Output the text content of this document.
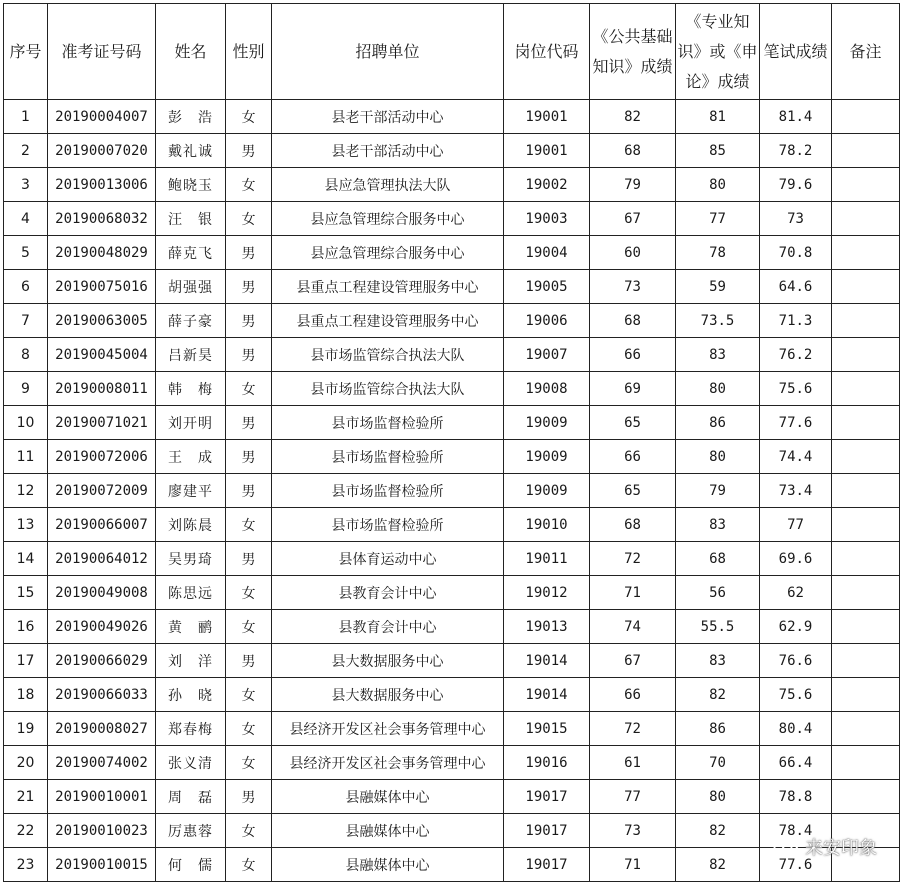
序号	准考证号码	姓名	性别	招聘单位	岗位代码	《公共基础知识》成绩	《专业知识》或《申论》成绩	笔试成绩	备注
1	20190004007	彭　浩	女	县老干部活动中心	19001	82	81	81.4	
2	20190007020	戴礼诚	男	县老干部活动中心	19001	68	85	78.2	
3	20190013006	鲍晓玉	女	县应急管理执法大队	19002	79	80	79.6	
4	20190068032	汪　银	女	县应急管理综合服务中心	19003	67	77	73	
5	20190048029	薛克飞	男	县应急管理综合服务中心	19004	60	78	70.8	
6	20190075016	胡强强	男	县重点工程建设管理服务中心	19005	73	59	64.6	
7	20190063005	薛子豪	男	县重点工程建设管理服务中心	19006	68	73.5	71.3	
8	20190045004	吕新昊	男	县市场监管综合执法大队	19007	66	83	76.2	
9	20190008011	韩　梅	女	县市场监管综合执法大队	19008	69	80	75.6	
10	20190071021	刘开明	男	县市场监督检验所	19009	65	86	77.6	
11	20190072006	王　成	男	县市场监督检验所	19009	66	80	74.4	
12	20190072009	廖建平	男	县市场监督检验所	19009	65	79	73.4	
13	20190066007	刘陈晨	女	县市场监督检验所	19010	68	83	77	
14	20190064012	吴男琦	男	县体育运动中心	19011	72	68	69.6	
15	20190049008	陈思远	女	县教育会计中心	19012	71	56	62	
16	20190049026	黄　鹂	女	县教育会计中心	19013	74	55.5	62.9	
17	20190066029	刘　洋	男	县大数据服务中心	19014	67	83	76.6	
18	20190066033	孙　晓	女	县大数据服务中心	19014	66	82	75.6	
19	20190008027	郑春梅	女	县经济开发区社会事务管理中心	19015	72	86	80.4	
20	20190074002	张义清	女	县经济开发区社会事务管理中心	19016	61	70	66.4	
21	20190010001	周　磊	男	县融媒体中心	19017	77	80	78.8	
22	20190010023	厉惠蓉	女	县融媒体中心	19017	73	82	78.4	
23	20190010015	何　儒	女	县融媒体中心	19017	71	82	77.6	
来安印象
